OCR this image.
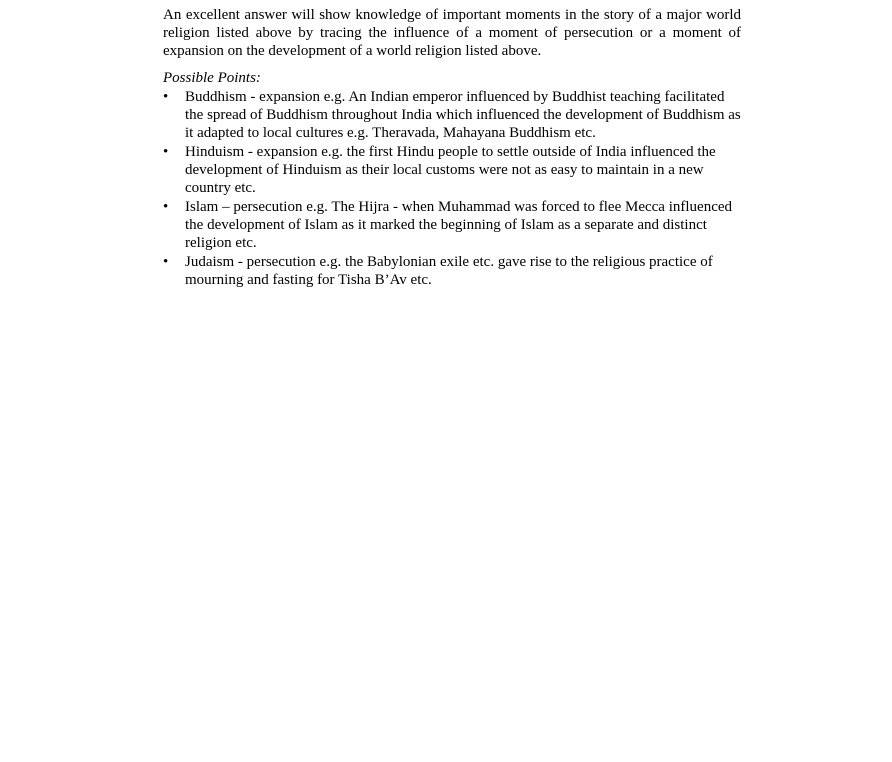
An excellent answer will show knowledge of important moments in the story of a major world religion listed above by tracing the influence of a moment of persecution or a moment of expansion on the development of a world religion listed above.

Possible Points:

•	Buddhism - expansion e.g. An Indian emperor influenced by Buddhist teaching facilitated the spread of Buddhism throughout India which influenced the development of Buddhism as it adapted to local cultures e.g. Theravada, Mahayana Buddhism etc.
•	Hinduism - expansion e.g. the first Hindu people to settle outside of India influenced the development of Hinduism as their local customs were not as easy to maintain in a new country etc.
•	Islam – persecution e.g. The Hijra - when Muhammad was forced to flee Mecca influenced the development of Islam as it marked the beginning of Islam as a separate and distinct religion etc.
•	Judaism - persecution e.g. the Babylonian exile etc. gave rise to the religious practice of mourning and fasting for Tisha B’Av etc.
